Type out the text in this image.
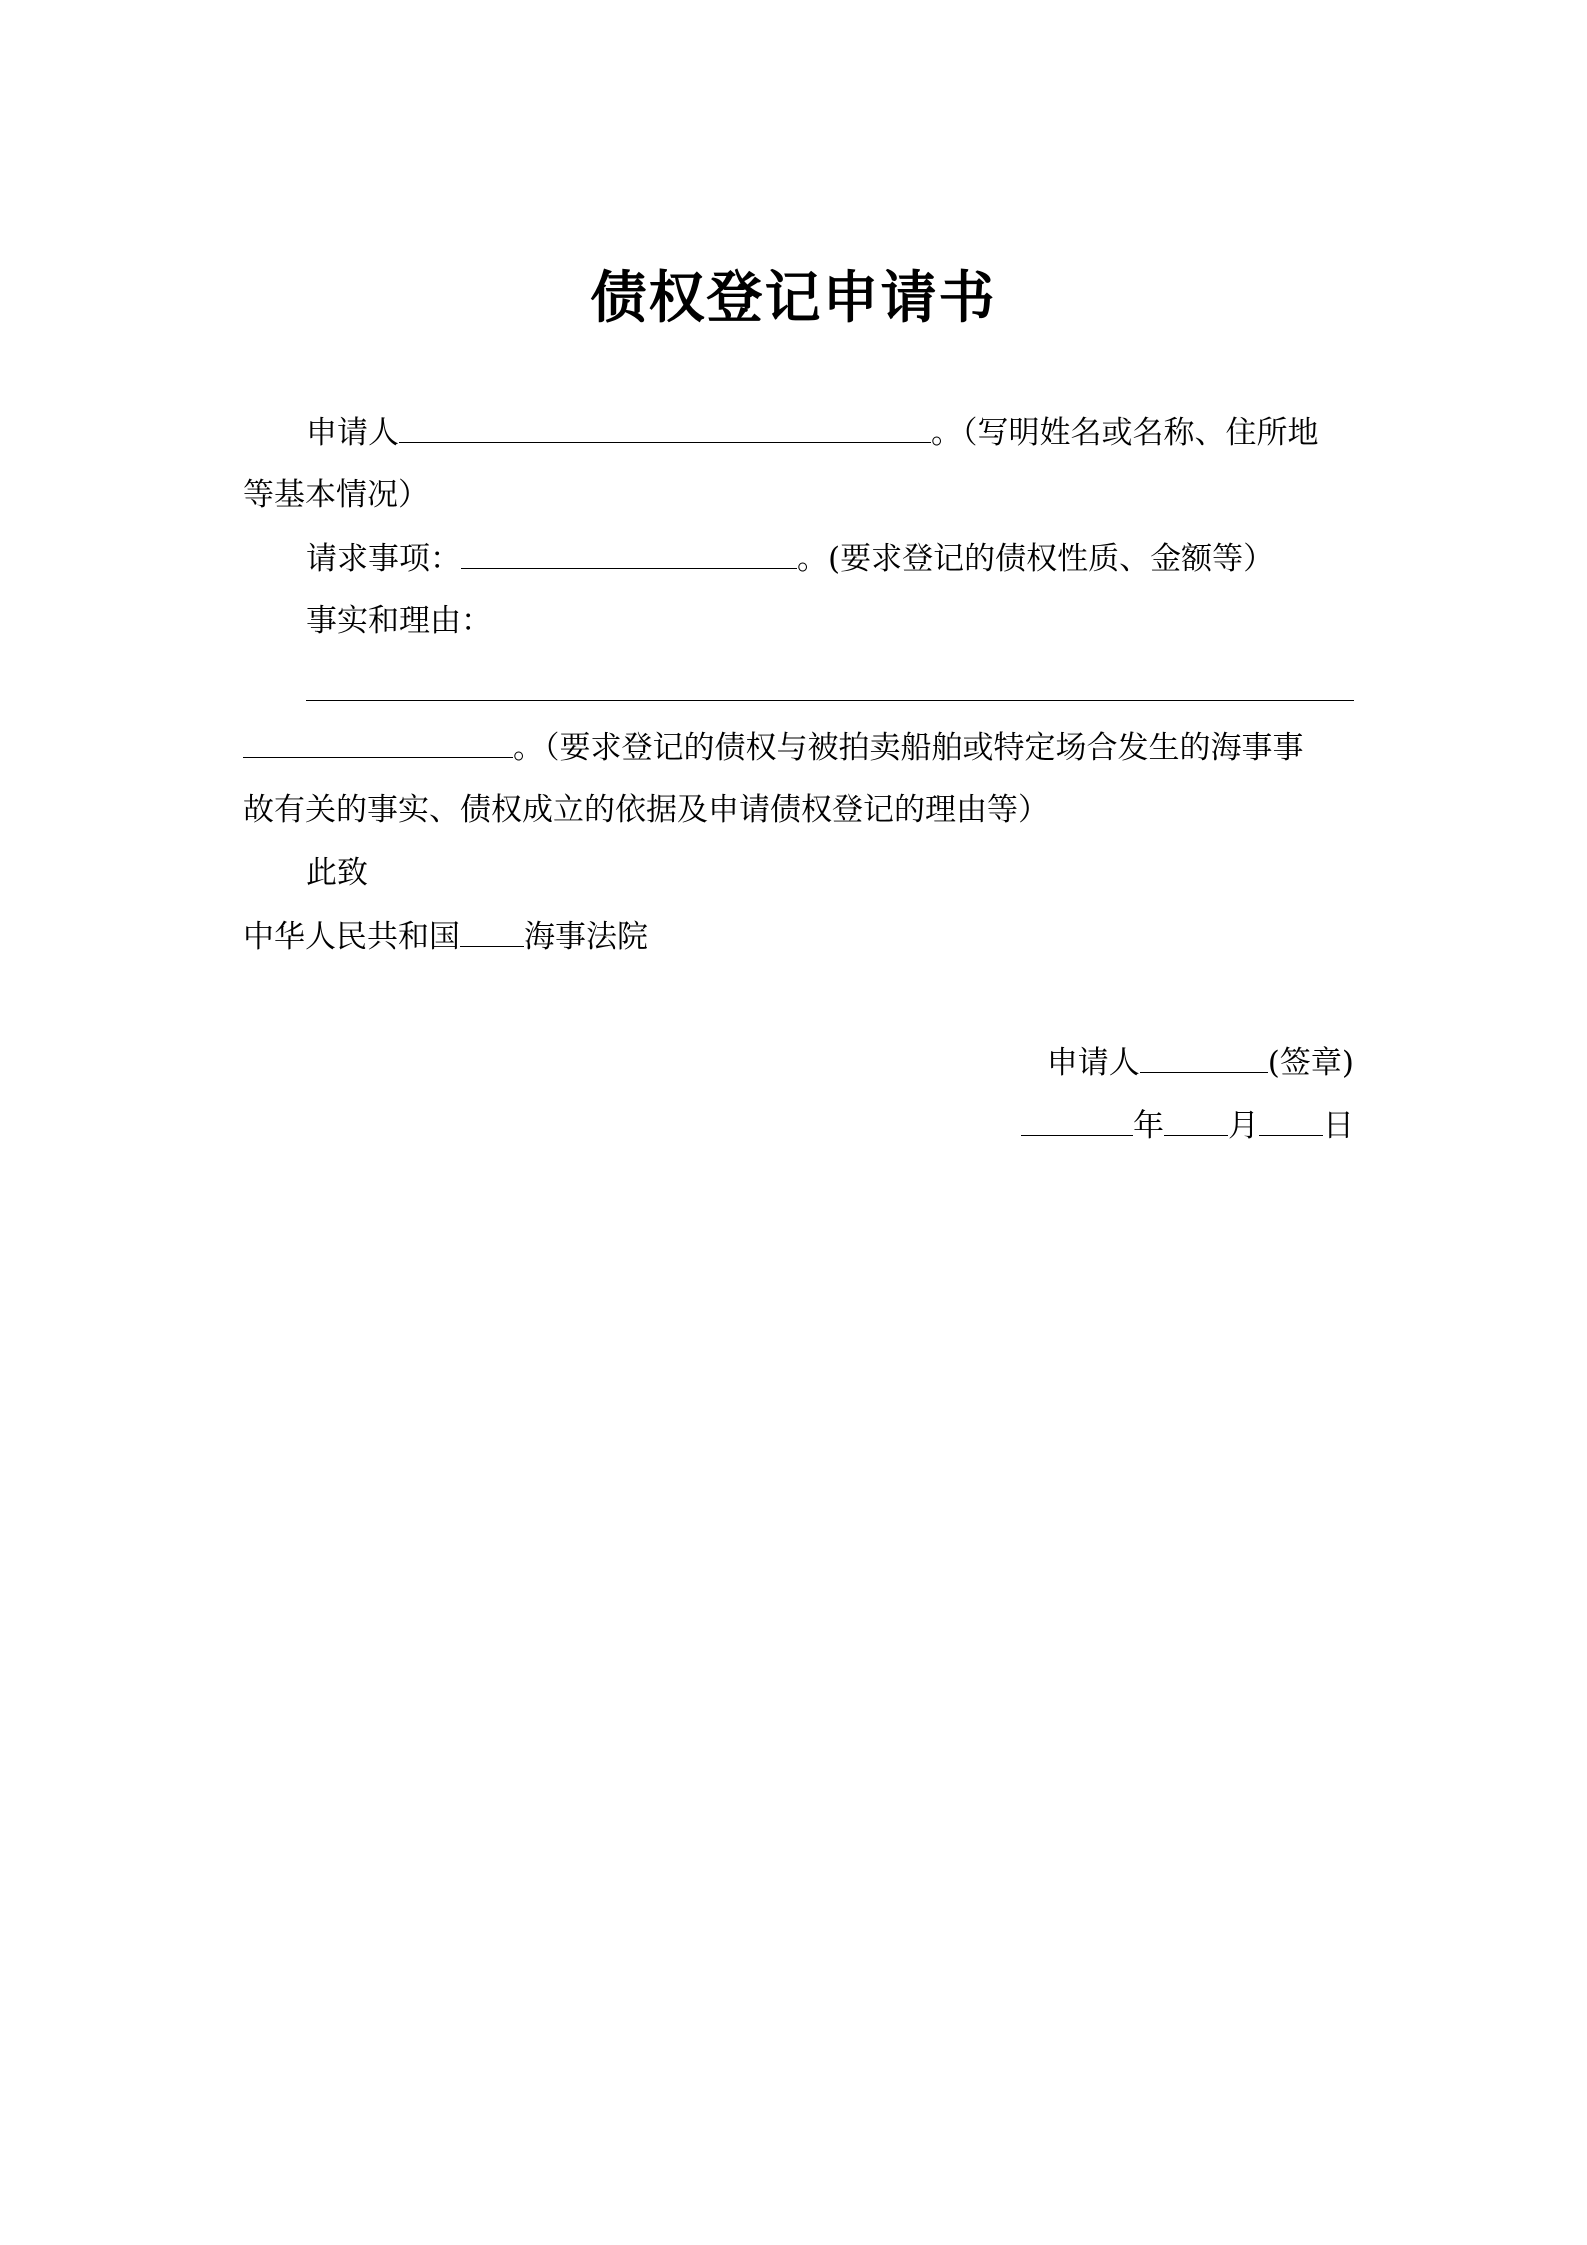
债权登记申请书
申请人	。（写明姓名或名称、住所地
等基本情况）
请求事项：	。(要求登记的债权性质、金额等）
事实和理由：
。（要求登记的债权与被拍卖船舶或特定场合发生的海事事
故有关的事实、债权成立的依据及申请债权登记的理由等）
此致
中华人民共和国 海事法院
申请人	(签章)
年 月 日
